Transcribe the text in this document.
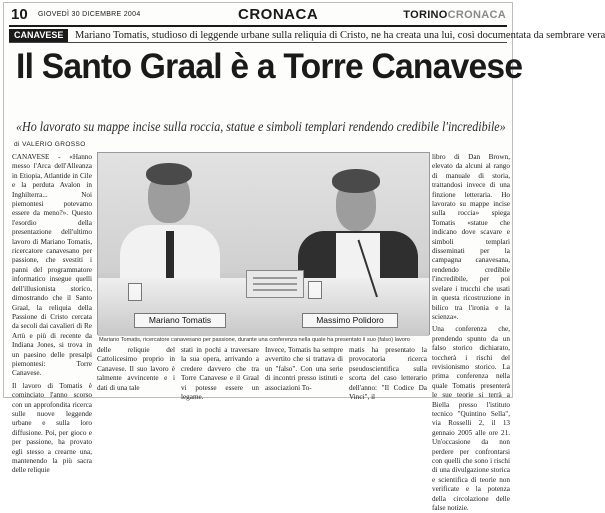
10 GIOVEDÌ 30 DICEMBRE 2004	CRONACA	TORINOCRONACA
CANAVESE	Mariano Tomatis, studioso di leggende urbane sulla reliquia di Cristo, ne ha creata una lui, così documentata da sembrare vera
Il Santo Graal è a Torre Canavese
«Ho lavorato su mappe incise sulla roccia, statue e simboli templari rendendo credibile l'incredibile»
di VALERIO GROSSO

CANAVESE - «Hanno messo l'Arca dell'Alleanza in Etiopia, Atlantide in Cile e la perduta Avalon in Inghilterra... Noi piemontesi potevamo essere da meno?». Questo l'esordio della presentazione dell'ultimo lavoro di Mariano Tomatis, ricercatore canavesano per passione, che svestiti i panni del programmatore informatico insegue quelli dell'illusionista storico, dimostrando che il Santo Graal, la reliquia della Passione di Cristo cercata da secoli dai cavalieri di Re Artù e più di recente da Indiana Jones, si trova in un paesino delle presalpi piemontesi: Torre Canavese.

Il lavoro di Tomatis è cominciato l'anno scorso con un approfondita ricerca sulle nuove leggende urbane e sulla loro diffusione. Poi, per gioco e per passione, ha provato egli stesso a crearne una, mantenendo la più sacra delle reliquie

Mariano Tomatis	Massimo Polidoro
Mariano Tomatis, ricercatore canavesano per passione, durante una conferenza nella quale ha presentato il suo (falso) lavoro

libro di Dan Brown, elevato da alcuni al rango di manuale di storia, trattandosi invece di una finzione letteraria. Ho lavorato su mappe incise sulla roccia» spiega Tomatis «statue che indicano dove scavare e simboli templari disseminati per la campagna canavesana, rendendo credibile l'incredibile, per poi svelare i trucchi che usati in questa ricostruzione in bilico tra l'ironia e la scienza».

Una conferenza che, prendendo spunto da un falso storico dichiarato, toccherà i rischi del revisionismo storico. La prima conferenza nella quale Tomatis presenterà le sue teorie si terrà a Biella presso l'istituto tecnico "Quintino Sella", via Rosselli 2, il 13 gennaio 2005 alle ore 21. Un'occasione da non perdere per confrontarsi con quelli che sono i rischi di una divulgazione storica e scientifica di teorie non verificate e la potenza della circolazione delle false notizie.

delle reliquie del Cattolicesimo proprio in Canavese. Il suo lavoro è talmente avvincente e i dati di una tale
stati in pochi a traversare la sua opera, arrivando a credere davvero che tra Torre Canavese e il Graal vi potesse essere un legame.
Invece, Tomatis ha sempre avvertito che si trattava di un "falso". Con una serie di incontri presso istituti e associazioni To-
matis ha presentato la provocatoria ricerca pseudoscientifica sulla scorta del caso letterario dell'anno: "Il Codice Da Vinci", il
